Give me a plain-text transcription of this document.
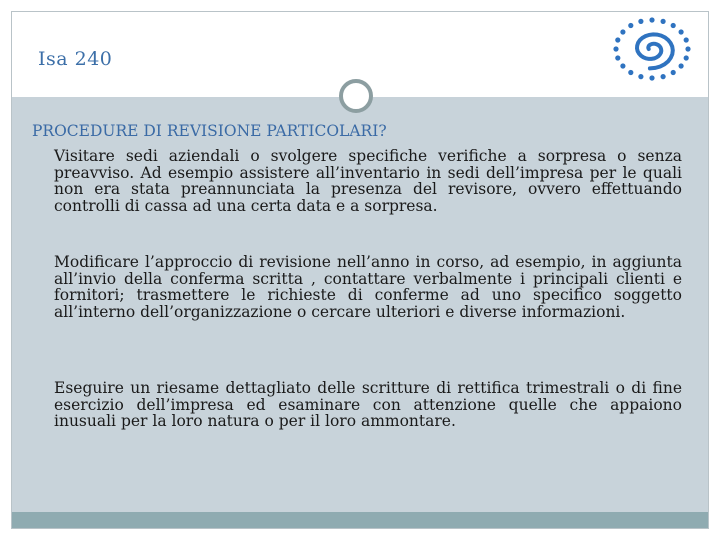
Isa 240
PROCEDURE DI REVISIONE PARTICOLARI?

Visitare sedi aziendali o svolgere specifiche verifiche a sorpresa o senza preavviso. Ad esempio assistere all’inventario in sedi dell’impresa per le quali non era stata preannunciata la presenza del revisore, ovvero effettuando controlli di cassa ad una certa data e a sorpresa.

Modificare l’approccio di revisione nell’anno in corso, ad esempio, in aggiunta all’invio della conferma scritta , contattare verbalmente i principali clienti e fornitori; trasmettere le richieste di conferme ad uno specifico soggetto all’interno dell’organizzazione o cercare ulteriori e diverse informazioni.

Eseguire un riesame dettagliato delle scritture di rettifica trimestrali o di fine esercizio dell’impresa ed esaminare con attenzione quelle che appaiono inusuali per la loro natura o per il loro ammontare.
